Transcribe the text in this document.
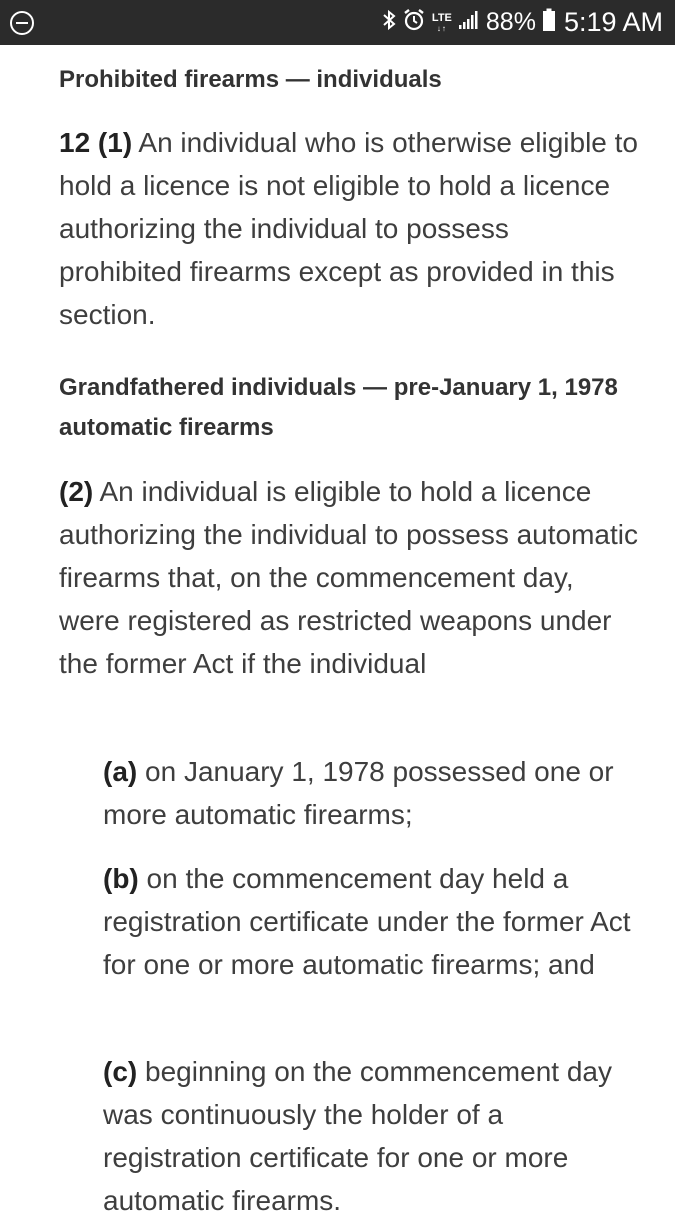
LTE
↓↑ 88% 5:19 AM
Prohibited firearms — individuals

12 (1) An individual who is otherwise eligible to hold a licence is not eligible to hold a licence authorizing the individual to possess prohibited firearms except as provided in this section.

Grandfathered individuals — pre-January 1, 1978 automatic firearms

(2) An individual is eligible to hold a licence authorizing the individual to possess automatic firearms that, on the commencement day, were registered as restricted weapons under the former Act if the individual

(a) on January 1, 1978 possessed one or more automatic firearms;

(b) on the commencement day held a registration certificate under the former Act for one or more automatic firearms; and

(c) beginning on the commencement day was continuously the holder of a registration certificate for one or more automatic firearms.
